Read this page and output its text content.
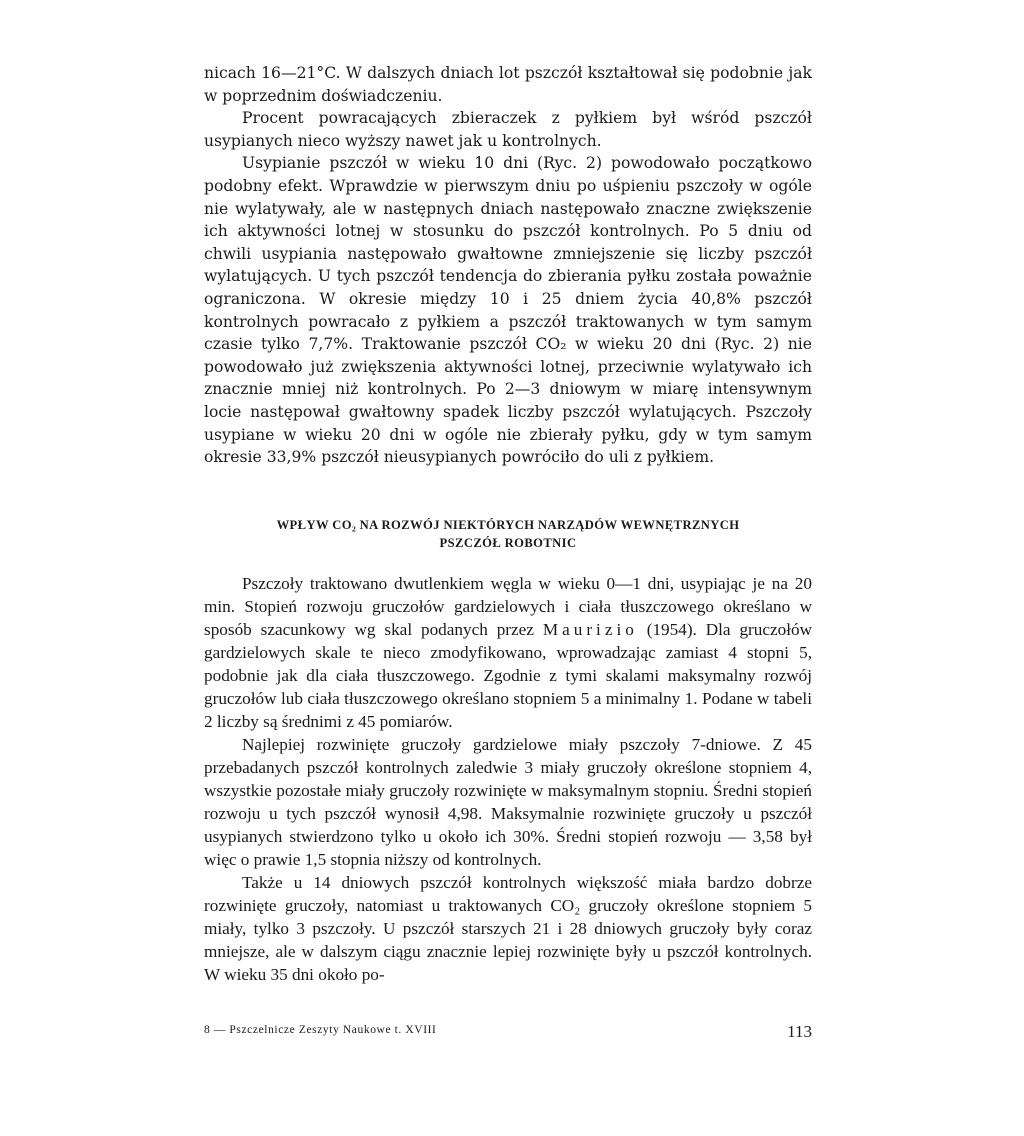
nicach 16—21°C. W dalszych dniach lot pszczół kształtował się podobnie jak w poprzednim doświadczeniu.

Procent powracających zbieraczek z pyłkiem był wśród pszczół usypianych nieco wyższy nawet jak u kontrolnych.

Usypianie pszczół w wieku 10 dni (Ryc. 2) powodowało początkowo podobny efekt. Wprawdzie w pierwszym dniu po uśpieniu pszczoły w ogóle nie wylatywały, ale w następnych dniach następowało znaczne zwiększenie ich aktywności lotnej w stosunku do pszczół kontrolnych. Po 5 dniu od chwili usypiania następowało gwałtowne zmniejszenie się liczby pszczół wylatujących. U tych pszczół tendencja do zbierania pyłku została poważnie ograniczona. W okresie między 10 i 25 dniem życia 40,8% pszczół kontrolnych powracało z pyłkiem a pszczół traktowanych w tym samym czasie tylko 7,7%. Traktowanie pszczół CO₂ w wieku 20 dni (Ryc. 2) nie powodowało już zwiększenia aktywności lotnej, przeciwnie wylatywało ich znacznie mniej niż kontrolnych. Po 2—3 dniowym w miarę intensywnym locie następował gwałtowny spadek liczby pszczół wylatujących. Pszczoły usypiane w wieku 20 dni w ogóle nie zbierały pyłku, gdy w tym samym okresie 33,9% pszczół nieusypianych powróciło do uli z pyłkiem.

WPŁYW CO₂ NA ROZWÓJ NIEKTÓRYCH NARZĄDÓW WEWNĘTRZNYCH
PSZCZÓŁ ROBOTNIC

Pszczoły traktowano dwutlenkiem węgla w wieku 0—1 dni, usypiając je na 20 min. Stopień rozwoju gruczołów gardzielowych i ciała tłuszczowego określano w sposób szacunkowy wg skal podanych przez Maurizio (1954). Dla gruczołów gardzielowych skale te nieco zmodyfikowano, wprowadzając zamiast 4 stopni 5, podobnie jak dla ciała tłuszczowego. Zgodnie z tymi skalami maksymalny rozwój gruczołów lub ciała tłuszczowego określano stopniem 5 a minimalny 1. Podane w tabeli 2 liczby są średnimi z 45 pomiarów.

Najlepiej rozwinięte gruczoły gardzielowe miały pszczoły 7-dniowe. Z 45 przebadanych pszczół kontrolnych zaledwie 3 miały gruczoły określone stopniem 4, wszystkie pozostałe miały gruczoły rozwinięte w maksymalnym stopniu. Średni stopień rozwoju u tych pszczół wynosił 4,98. Maksymalnie rozwinięte gruczoły u pszczół usypianych stwierdzono tylko u około ich 30%. Średni stopień rozwoju — 3,58 był więc o prawie 1,5 stopnia niższy od kontrolnych.

Także u 14 dniowych pszczół kontrolnych większość miała bardzo dobrze rozwinięte gruczoły, natomiast u traktowanych CO₂ gruczoły określone stopniem 5 miały, tylko 3 pszczoły. U pszczół starszych 21 i 28 dniowych gruczoły były coraz mniejsze, ale w dalszym ciągu znacznie lepiej rozwinięte były u pszczół kontrolnych. W wieku 35 dni około po-

8 — Pszczelnicze Zeszyty Naukowe t. XVIII	113
